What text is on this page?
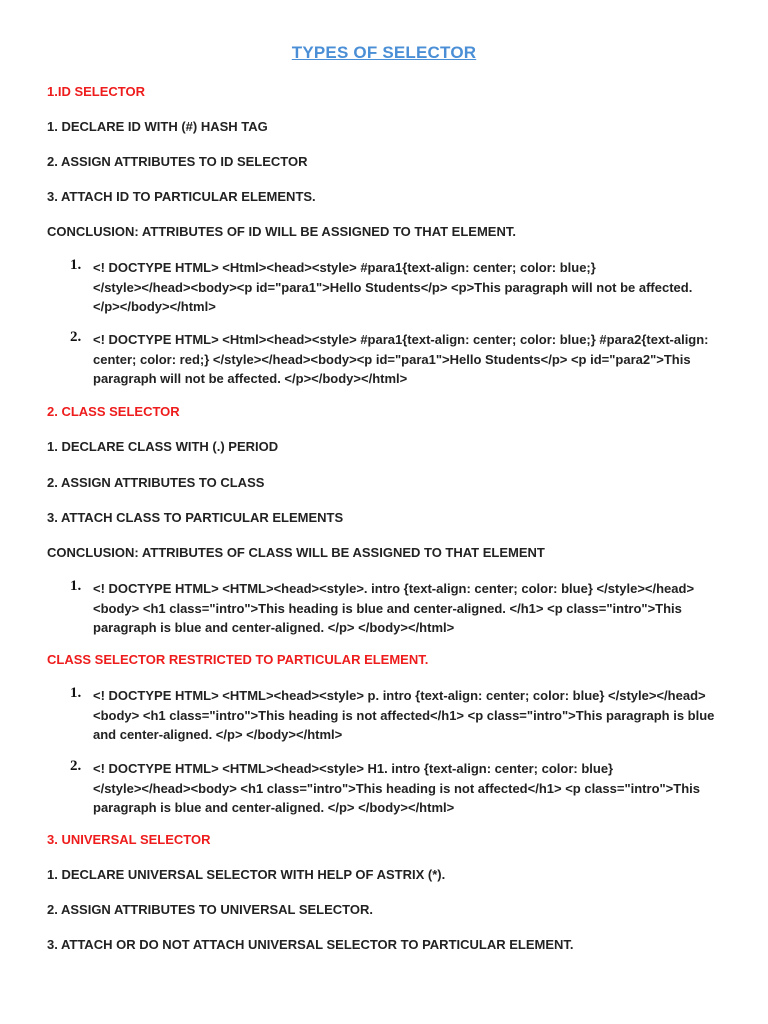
TYPES OF SELECTOR
1.ID SELECTOR
1. DECLARE ID WITH (#) HASH TAG
2. ASSIGN ATTRIBUTES TO ID SELECTOR
3. ATTACH ID TO PARTICULAR ELEMENTS.
CONCLUSION: ATTRIBUTES OF ID WILL BE ASSIGNED TO THAT ELEMENT.
1. <! DOCTYPE HTML> <Html><head><style> #para1{text-align: center; color: blue;}
</style></head><body><p id="para1">Hello Students</p> <p>This paragraph will not be affected.
</p></body></html>
2. <! DOCTYPE HTML> <Html><head><style> #para1{text-align: center; color: blue;} #para2{text-align:
center; color: red;} </style></head><body><p id="para1">Hello Students</p> <p id="para2">This
paragraph will not be affected. </p></body></html>
2. CLASS SELECTOR
1. DECLARE CLASS WITH (.) PERIOD
2. ASSIGN ATTRIBUTES TO CLASS
3. ATTACH CLASS TO PARTICULAR ELEMENTS
CONCLUSION: ATTRIBUTES OF CLASS WILL BE ASSIGNED TO THAT ELEMENT
1. <! DOCTYPE HTML> <HTML><head><style>. intro {text-align: center; color: blue} </style></head>
<body> <h1 class="intro">This heading is blue and center-aligned. </h1> <p class="intro">This
paragraph is blue and center-aligned. </p> </body></html>
CLASS SELECTOR RESTRICTED TO PARTICULAR ELEMENT.
1. <! DOCTYPE HTML> <HTML><head><style> p. intro {text-align: center; color: blue} </style></head>
<body> <h1 class="intro">This heading is not affected</h1> <p class="intro">This paragraph is blue
and center-aligned. </p> </body></html>
2. <! DOCTYPE HTML> <HTML><head><style> H1. intro {text-align: center; color: blue}
</style></head><body> <h1 class="intro">This heading is not affected</h1> <p class="intro">This
paragraph is blue and center-aligned. </p> </body></html>
3. UNIVERSAL SELECTOR
1. DECLARE UNIVERSAL SELECTOR WITH HELP OF ASTRIX (*).
2. ASSIGN ATTRIBUTES TO UNIVERSAL SELECTOR.
3. ATTACH OR DO NOT ATTACH UNIVERSAL SELECTOR TO PARTICULAR ELEMENT.
